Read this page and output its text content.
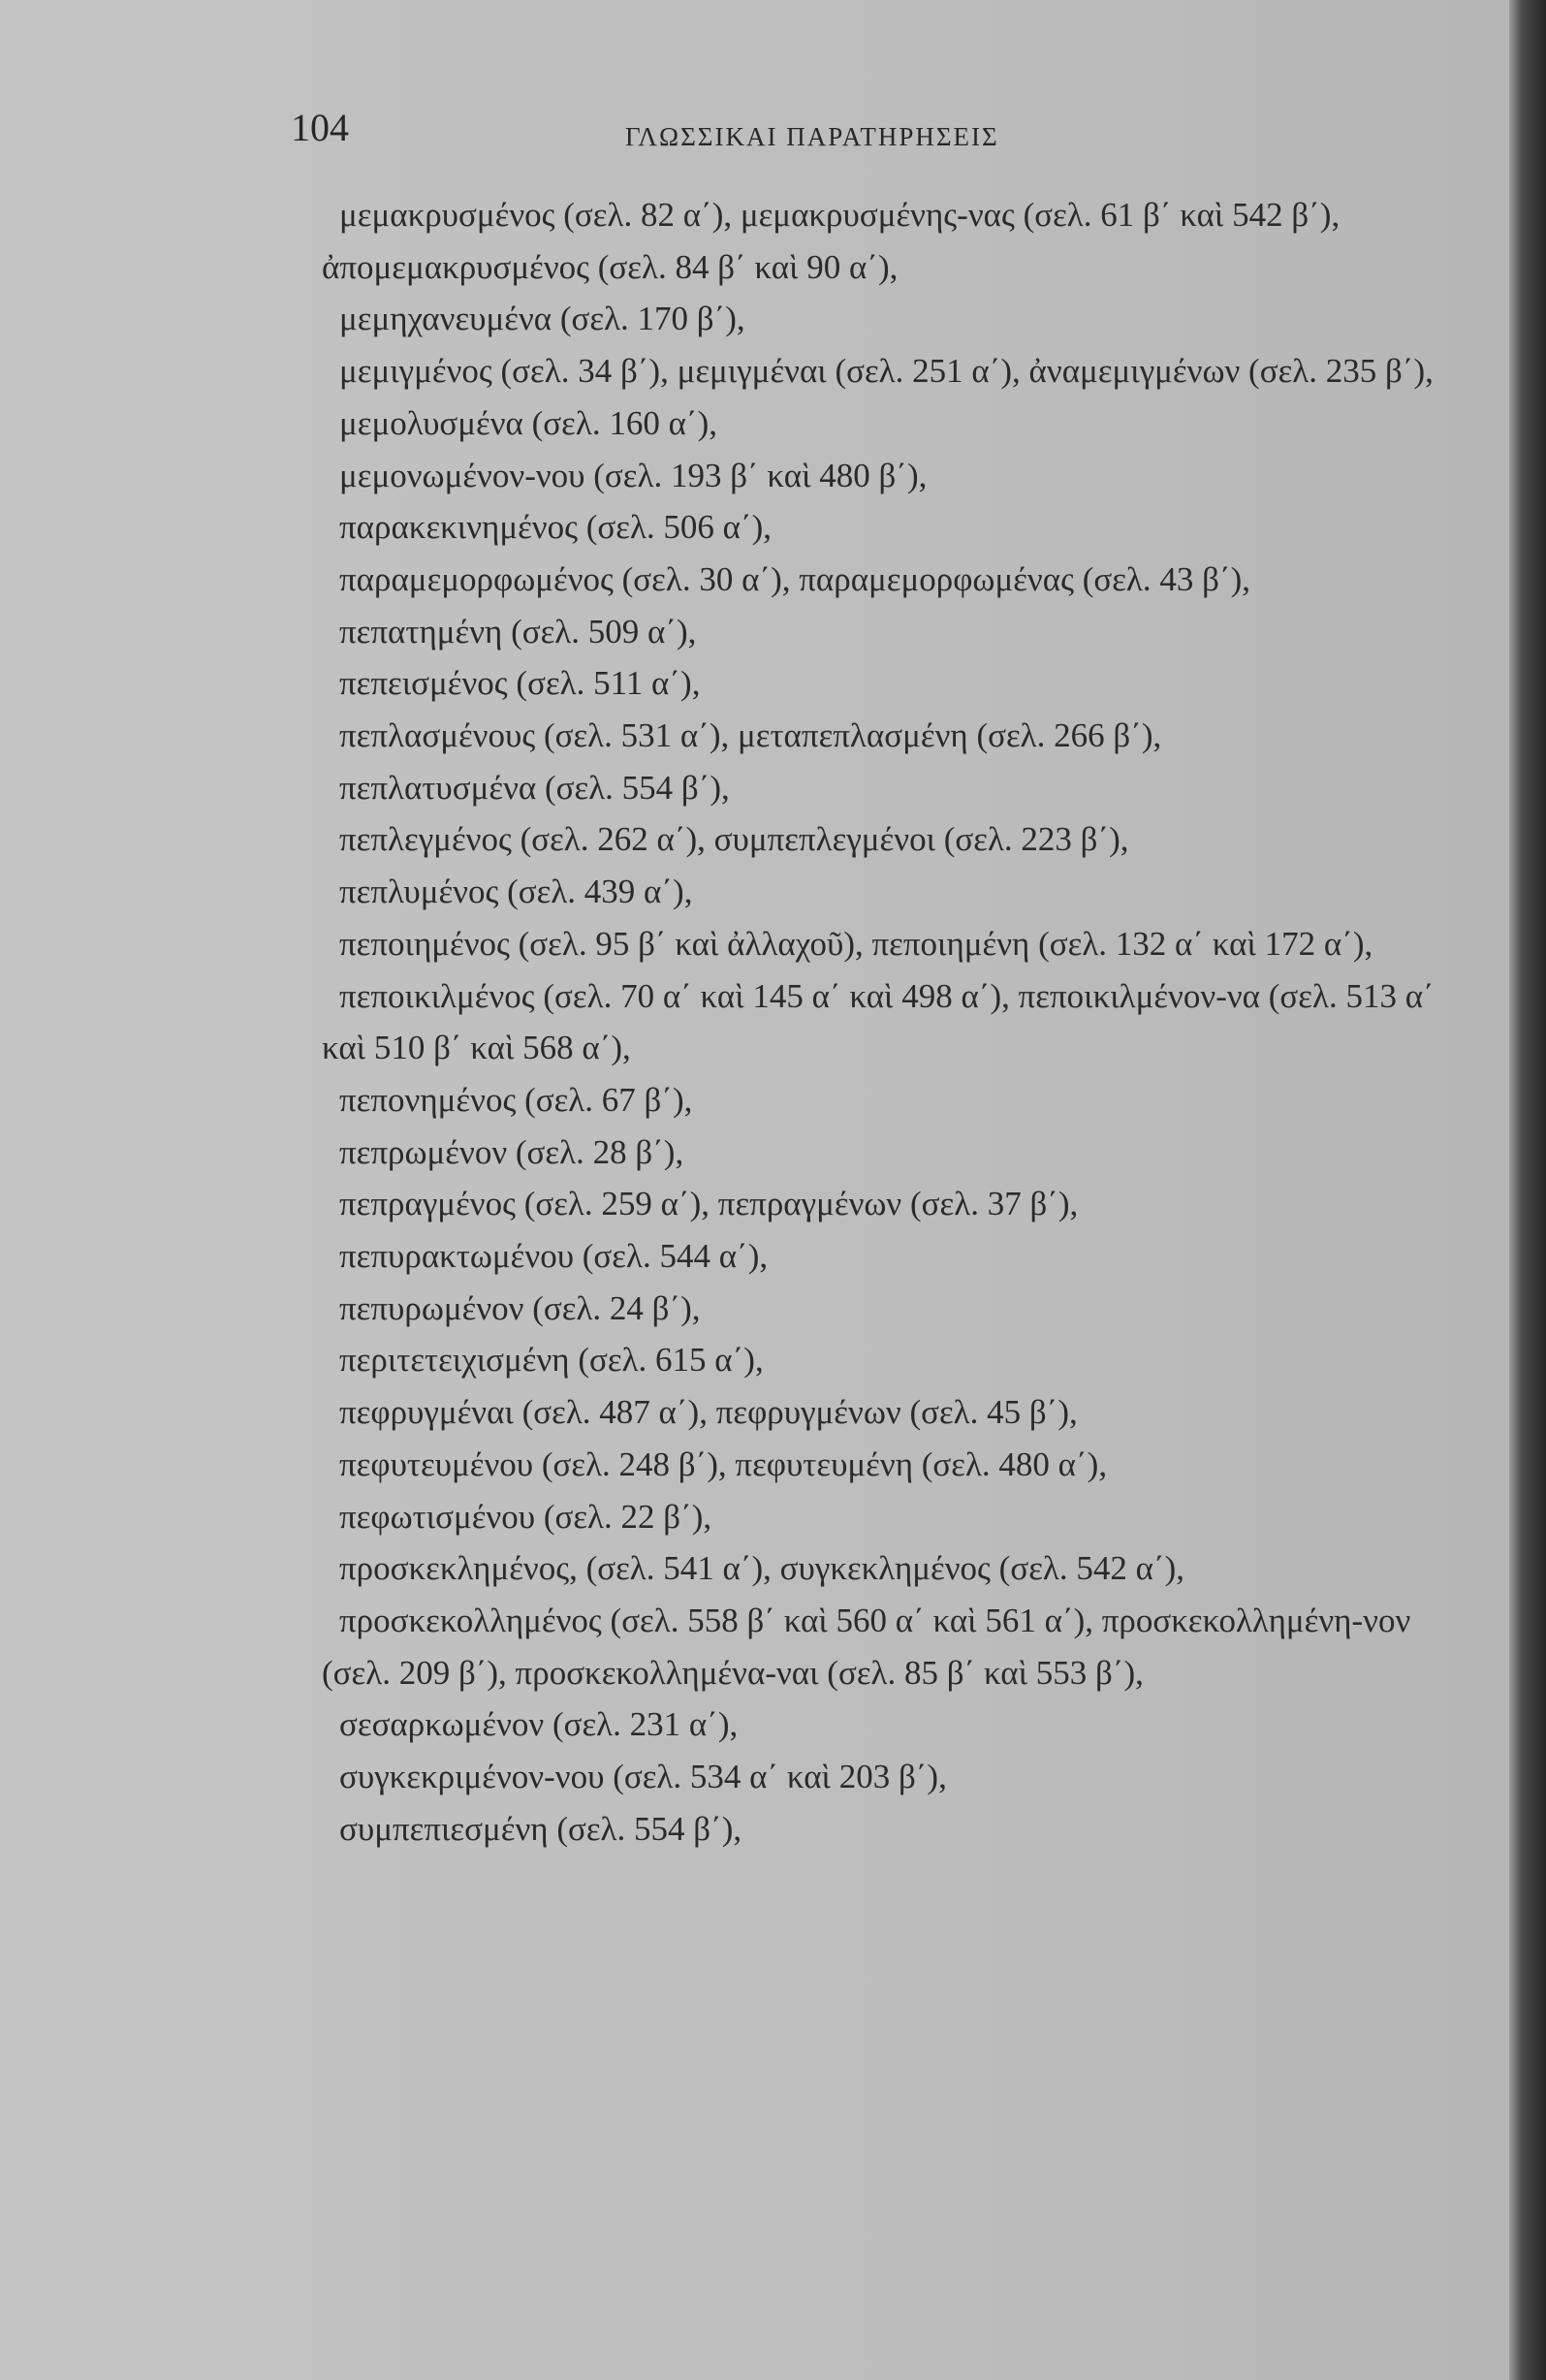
104	ΓΛΩΣΣΙΚΑΙ ΠΑΡΑΤΗΡΗΣΕΙΣ

μεμακρυσμένος (σελ. 82 α΄), μεμακρυσμένης-νας (σελ. 61 β΄ καὶ 542 β΄), ἀπομεμακρυσμένος (σελ. 84 β΄ καὶ 90 α΄),

μεμηχανευμένα (σελ. 170 β΄),

μεμιγμένος (σελ. 34 β΄), μεμιγμέναι (σελ. 251 α΄), ἀναμεμιγμένων (σελ. 235 β΄),

μεμολυσμένα (σελ. 160 α΄),

μεμονωμένον-νου (σελ. 193 β΄ καὶ 480 β΄),

παρακεκινημένος (σελ. 506 α΄),

παραμεμορφωμένος (σελ. 30 α΄), παραμεμορφωμένας (σελ. 43 β΄),

πεπατημένη (σελ. 509 α΄),

πεπεισμένος (σελ. 511 α΄),

πεπλασμένους (σελ. 531 α΄), μεταπεπλασμένη (σελ. 266 β΄),

πεπλατυσμένα (σελ. 554 β΄),

πεπλεγμένος (σελ. 262 α΄), συμπεπλεγμένοι (σελ. 223 β΄),

πεπλυμένος (σελ. 439 α΄),

πεποιημένος (σελ. 95 β΄ καὶ ἀλλαχοῦ), πεποιημένη (σελ. 132 α΄ καὶ 172 α΄),

πεποικιλμένος (σελ. 70 α΄ καὶ 145 α΄ καὶ 498 α΄), πεποικιλμένον-να (σελ. 513 α΄ καὶ 510 β΄ καὶ 568 α΄),

πεπονημένος (σελ. 67 β΄),

πεπρωμένον (σελ. 28 β΄),

πεπραγμένος (σελ. 259 α΄), πεπραγμένων (σελ. 37 β΄),

πεπυρακτωμένου (σελ. 544 α΄),

πεπυρωμένον (σελ. 24 β΄),

περιτετειχισμένη (σελ. 615 α΄),

πεφρυγμέναι (σελ. 487 α΄), πεφρυγμένων (σελ. 45 β΄),

πεφυτευμένου (σελ. 248 β΄), πεφυτευμένη (σελ. 480 α΄),

πεφωτισμένου (σελ. 22 β΄),

προσκεκλημένος, (σελ. 541 α΄), συγκεκλημένος (σελ. 542 α΄),

προσκεκολλημένος (σελ. 558 β΄ καὶ 560 α΄ καὶ 561 α΄), προσκεκολλημένη-νον (σελ. 209 β΄), προσκεκολλημένα-ναι (σελ. 85 β΄ καὶ 553 β΄),

σεσαρκωμένον (σελ. 231 α΄),

συγκεκριμένον-νου (σελ. 534 α΄ καὶ 203 β΄),

συμπεπιεσμένη (σελ. 554 β΄),
